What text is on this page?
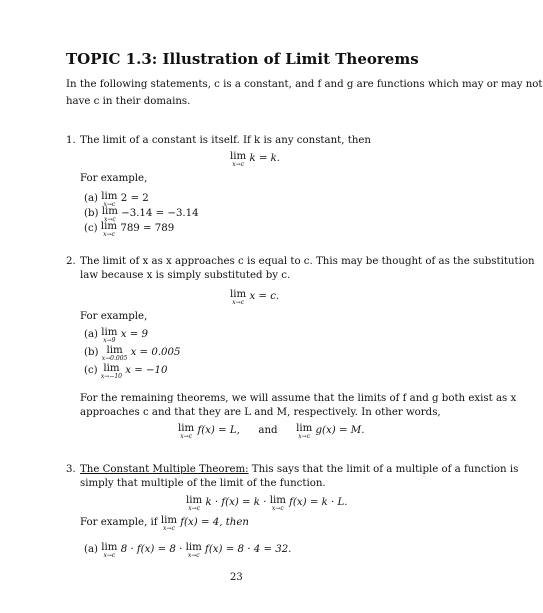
TOPIC 1.3: Illustration of Limit Theorems
In the following statements, c is a constant, and f and g are functions which may or may not
have c in their domains.
1. The limit of a constant is itself. If k is any constant, then
lim
x→c
k = k.
For example,
(a) lim
x→c
2 = 2
(b) lim
x→c
−3.14 = −3.14
(c) lim
x→c
789 = 789
2. The limit of x as x approaches c is equal to c. This may be thought of as the substitution
law because x is simply substituted by c.
lim
x→c
x = c.
For example,
(a) lim
x→9
x = 9
(b) lim
x→0.005
x = 0.005
(c) lim
x→−10
x = −10
For the remaining theorems, we will assume that the limits of f and g both exist as x
approaches c and that they are L and M, respectively. In other words,
lim
x→c
f(x) = L, and lim
x→c
g(x) = M.
3. The Constant Multiple Theorem: This says that the limit of a multiple of a function is
simply that multiple of the limit of the function.
lim
x→c
k · f(x) = k · lim
x→c
f(x) = k · L.
For example, if lim
x→c
f(x) = 4, then
(a) lim
x→c
8 · f(x) = 8 · lim
x→c
f(x) = 8 · 4 = 32.
23
